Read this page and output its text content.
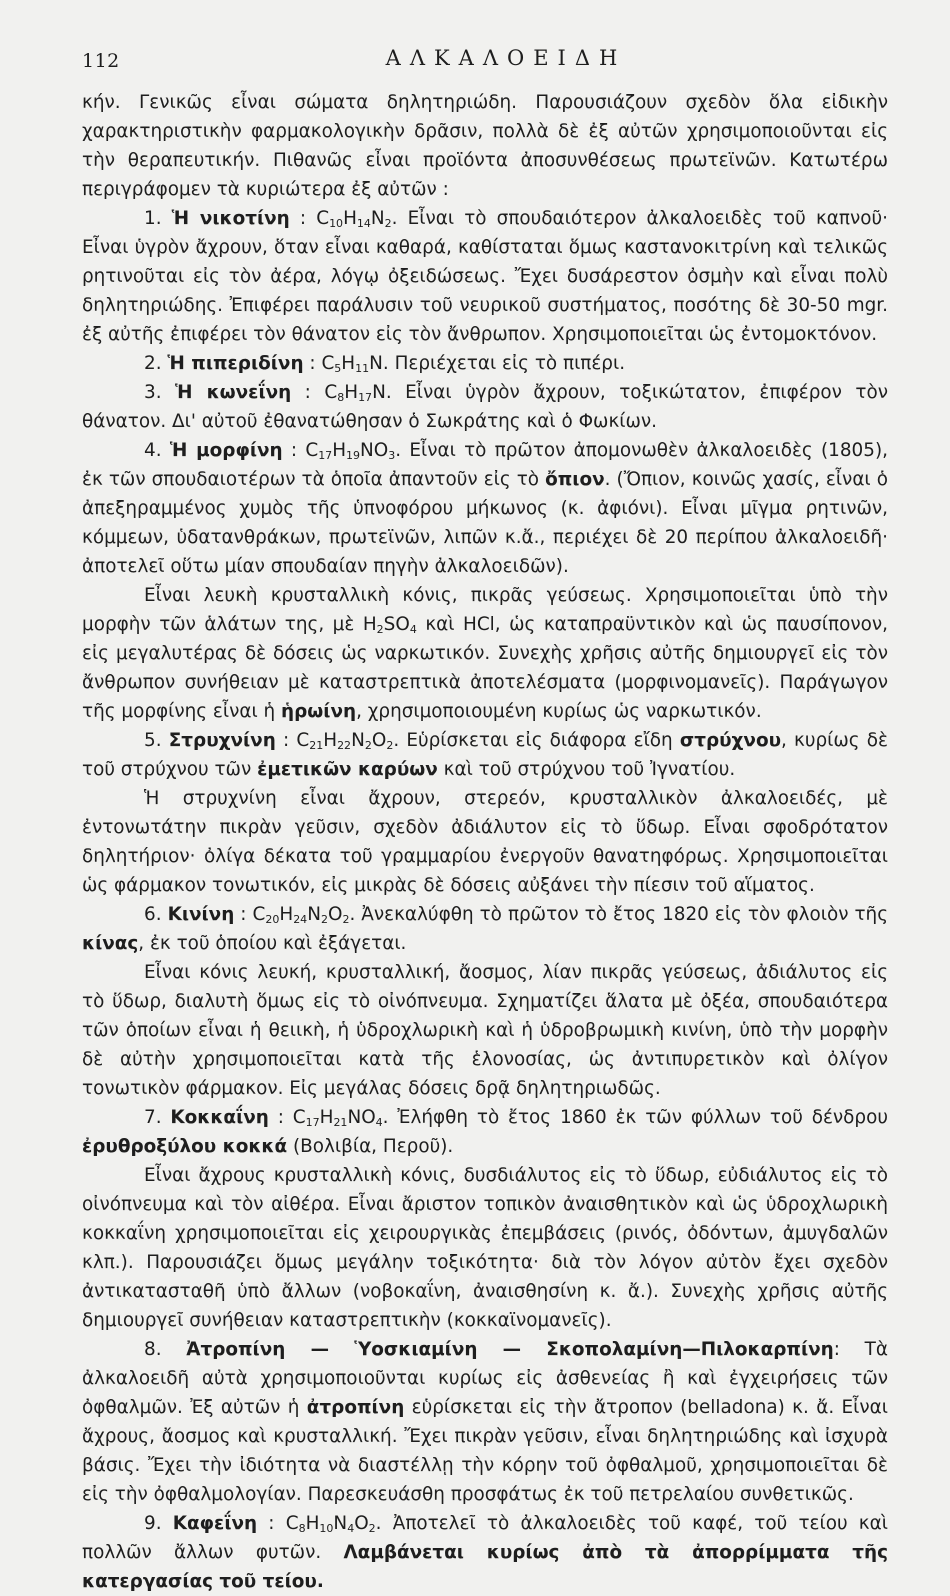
112	ΑΛΚΑΛΟΕΙΔΗ

κήν. Γενικῶς εἶναι σώματα δηλητηριώδη. Παρουσιάζουν σχεδὸν ὅλα εἰδικὴν χαρακτηριστικὴν φαρμακολογικὴν δρᾶσιν, πολλὰ δὲ ἐξ αὐτῶν χρησιμοποιοῦνται εἰς τὴν θεραπευτικήν. Πιθανῶς εἶναι προϊόντα ἀποσυνθέσεως πρωτεϊνῶν. Κατωτέρω περιγράφομεν τὰ κυριώτερα ἐξ αὐτῶν :

1. Ἡ νικοτίνη : $C_{10}H_{14}N_2$. Εἶναι τὸ σπουδαιότερον ἀλκαλοειδὲς τοῦ καπνοῦ· Εἶναι ὑγρὸν ἄχρουν, ὅταν εἶναι καθαρά, καθίσταται ὅμως καστανοκιτρίνη καὶ τελικῶς ρητινοῦται εἰς τὸν ἀέρα, λόγῳ ὀξειδώσεως. Ἔχει δυσάρεστον ὀσμὴν καὶ εἶναι πολὺ δηλητηριώδης. Ἐπιφέρει παράλυσιν τοῦ νευρικοῦ συστήματος, ποσότης δὲ 30-50 mgr. ἐξ αὐτῆς ἐπιφέρει τὸν θάνατον εἰς τὸν ἄνθρωπον. Χρησιμοποιεῖται ὡς ἐντομοκτόνον.

2. Ἡ πιπεριδίνη : $C_5H_{11}N$. Περιέχεται εἰς τὸ πιπέρι.

3. Ἡ κωνεΐνη : $C_8H_{17}N$. Εἶναι ὑγρὸν ἄχρουν, τοξικώτατον, ἐπιφέρον τὸν θάνατον. Δι' αὐτοῦ ἐθανατώθησαν ὁ Σωκράτης καὶ ὁ Φωκίων.

4. Ἡ μορφίνη : $C_{17}H_{19}NO_3$. Εἶναι τὸ πρῶτον ἀπομονωθὲν ἀλκαλοειδὲς (1805), ἐκ τῶν σπουδαιοτέρων τὰ ὁποῖα ἀπαντοῦν εἰς τὸ ὄπιον. (Ὄπιον, κοινῶς χασίς, εἶναι ὁ ἀπεξηραμμένος χυμὸς τῆς ὑπνοφόρου μήκωνος (κ. ἀφιόνι). Εἶναι μῖγμα ρητινῶν, κόμμεων, ὑδατανθράκων, πρωτεϊνῶν, λιπῶν κ.ἄ., περιέχει δὲ 20 περίπου ἀλκαλοειδῆ· ἀποτελεῖ οὕτω μίαν σπουδαίαν πηγὴν ἀλκαλοειδῶν).

Εἶναι λευκὴ κρυσταλλικὴ κόνις, πικρᾶς γεύσεως. Χρησιμοποιεῖται ὑπὸ τὴν μορφὴν τῶν ἁλάτων της, μὲ $H_2SO_4$ καὶ HCl, ὡς καταπραϋντικὸν καὶ ὡς παυσίπονον, εἰς μεγαλυτέρας δὲ δόσεις ὡς ναρκωτικόν. Συνεχὴς χρῆσις αὐτῆς δημιουργεῖ εἰς τὸν ἄνθρωπον συνήθειαν μὲ καταστρεπτικὰ ἀποτελέσματα (μορφινομανεῖς). Παράγωγον τῆς μορφίνης εἶναι ἡ ἡρωίνη, χρησιμοποιουμένη κυρίως ὡς ναρκωτικόν.

5. Στρυχνίνη : $C_{21}H_{22}N_2O_2$. Εὑρίσκεται εἰς διάφορα εἴδη στρύχνου, κυρίως δὲ τοῦ στρύχνου τῶν ἐμετικῶν καρύων καὶ τοῦ στρύχνου τοῦ Ἰγνατίου.

Ἡ στρυχνίνη εἶναι ἄχρουν, στερεόν, κρυσταλλικὸν ἀλκαλοειδές, μὲ ἐντονωτάτην πικρὰν γεῦσιν, σχεδὸν ἀδιάλυτον εἰς τὸ ὕδωρ. Εἶναι σφοδρότατον δηλητήριον· ὀλίγα δέκατα τοῦ γραμμαρίου ἐνεργοῦν θανατηφόρως. Χρησιμοποιεῖται ὡς φάρμακον τονωτικόν, εἰς μικρὰς δὲ δόσεις αὐξάνει τὴν πίεσιν τοῦ αἵματος.

6. Κινίνη : $C_{20}H_{24}N_2O_2$. Ἀνεκαλύφθη τὸ πρῶτον τὸ ἔτος 1820 εἰς τὸν φλοιὸν τῆς κίνας, ἐκ τοῦ ὁποίου καὶ ἐξάγεται.

Εἶναι κόνις λευκή, κρυσταλλική, ἄοσμος, λίαν πικρᾶς γεύσεως, ἀδιάλυτος εἰς τὸ ὕδωρ, διαλυτὴ ὅμως εἰς τὸ οἰνόπνευμα. Σχηματίζει ἅλατα μὲ ὀξέα, σπουδαιότερα τῶν ὁποίων εἶναι ἡ θειικὴ, ἡ ὑδροχλωρικὴ καὶ ἡ ὑδροβρωμικὴ κινίνη, ὑπὸ τὴν μορφὴν δὲ αὐτὴν χρησιμοποιεῖται κατὰ τῆς ἑλονοσίας, ὡς ἀντιπυρετικὸν καὶ ὀλίγον τονωτικὸν φάρμακον. Εἰς μεγάλας δόσεις δρᾷ δηλητηριωδῶς.

7. Κοκκαΐνη : $C_{17}H_{21}NO_4$. Ἐλήφθη τὸ ἔτος 1860 ἐκ τῶν φύλλων τοῦ δένδρου ἐρυθροξύλου κοκκά (Βολιβία, Περοῦ).

Εἶναι ἄχρους κρυσταλλικὴ κόνις, δυσδιάλυτος εἰς τὸ ὕδωρ, εὐδιάλυτος εἰς τὸ οἰνόπνευμα καὶ τὸν αἰθέρα. Εἶναι ἄριστον τοπικὸν ἀναισθητικὸν καὶ ὡς ὑδροχλωρικὴ κοκκαΐνη χρησιμοποιεῖται εἰς χειρουργικὰς ἐπεμβάσεις (ρινός, ὀδόντων, ἀμυγδαλῶν κλπ.). Παρουσιάζει ὅμως μεγάλην τοξικότητα· διὰ τὸν λόγον αὐτὸν ἔχει σχεδὸν ἀντικατασταθῆ ὑπὸ ἄλλων (νοβοκαΐνη, ἀναισθησίνη κ. ἄ.). Συνεχὴς χρῆσις αὐτῆς δημιουργεῖ συνήθειαν καταστρεπτικὴν (κοκκαϊνομανεῖς).

8. Ἀτροπίνη — Ὑοσκιαμίνη — Σκοπολαμίνη—Πιλοκαρπίνη: Τὰ ἀλκαλοειδῆ αὐτὰ χρησιμοποιοῦνται κυρίως εἰς ἀσθενείας ἢ καὶ ἐγχειρήσεις τῶν ὀφθαλμῶν. Ἐξ αὐτῶν ἡ ἀτροπίνη εὑρίσκεται εἰς τὴν ἄτροπον (belladona) κ. ἄ. Εἶναι ἄχρους, ἄοσμος καὶ κρυσταλλική. Ἔχει πικρὰν γεῦσιν, εἶναι δηλητηριώδης καὶ ἰσχυρὰ βάσις. Ἔχει τὴν ἰδιότητα νὰ διαστέλλῃ τὴν κόρην τοῦ ὀφθαλμοῦ, χρησιμοποιεῖται δὲ εἰς τὴν ὀφθαλμολογίαν. Παρεσκευάσθη προσφάτως ἐκ τοῦ πετρελαίου συνθετικῶς.

9. Καφεΐνη : $C_8H_{10}N_4O_2$. Ἀποτελεῖ τὸ ἀλκαλοειδὲς τοῦ καφέ, τοῦ τείου καὶ πολλῶν ἄλλων φυτῶν. Λαμβάνεται κυρίως ἀπὸ τὰ ἀπορρίμματα τῆς κατεργασίας τοῦ τείου.
